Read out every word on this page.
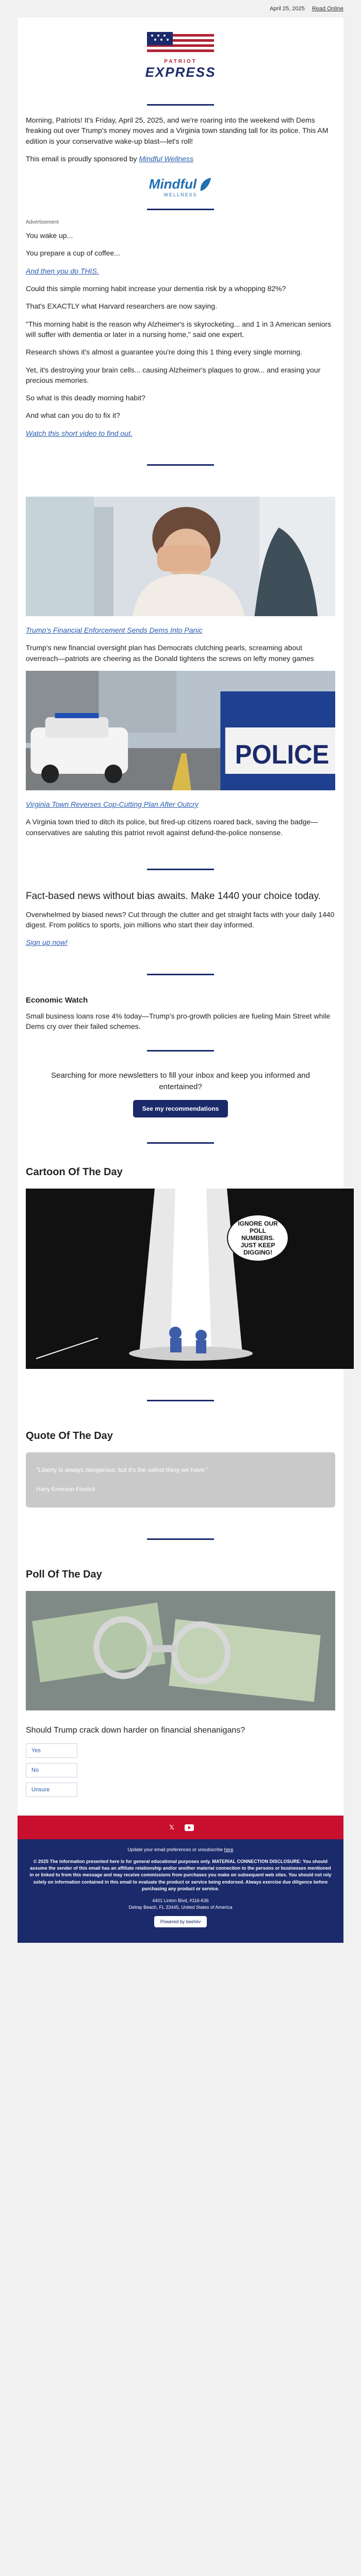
April 25, 2025 Read Online
PATRIOT
EXPRESS

Morning, Patriots! It's Friday, April 25, 2025, and we're roaring into the weekend with Dems freaking out over Trump's money moves and a Virginia town standing tall for its police. This AM edition is your conservative wake-up blast—let's roll!

This email is proudly sponsored by Mindful Wellness

Mindful
WELLNESS
Advertisement

You wake up...

You prepare a cup of coffee...

And then you do THIS.

Could this simple morning habit increase your dementia risk by a whopping 82%?

That's EXACTLY what Harvard researchers are now saying.

"This morning habit is the reason why Alzheimer's is skyrocketing... and 1 in 3 American seniors will suffer with dementia or later in a nursing home," said one expert.

Research shows it's almost a guarantee you're doing this 1 thing every single morning.

Yet, it's destroying your brain cells... causing Alzheimer's plaques to grow... and erasing your precious memories.

So what is this deadly morning habit?

And what can you do to fix it?

Watch this short video to find out.

Trump's Financial Enforcement Sends Dems Into Panic

Trump's new financial oversight plan has Democrats clutching pearls, screaming about overreach—patriots are cheering as the Donald tightens the screws on lefty money games

POLICE

Virginia Town Reverses Cop-Cutting Plan After Outcry

A Virginia town tried to ditch its police, but fired-up citizens roared back, saving the badge—conservatives are saluting this patriot revolt against defund-the-police nonsense.

Fact-based news without bias awaits. Make 1440 your choice today.

Overwhelmed by biased news? Cut through the clutter and get straight facts with your daily 1440 digest. From politics to sports, join millions who start their day informed.

Sign up now!

Economic Watch

Small business loans rose 4% today—Trump's pro-growth policies are fueling Main Street while Dems cry over their failed schemes.

Searching for more newsletters to fill your inbox and keep you informed and entertained?

See my recommendations
Cartoon Of The Day
IGNORE OUR POLL NUMBERS. JUST KEEP DIGGING!
Quote Of The Day

"Liberty is always dangerous, but it's the safest thing we have."

Harry Emerson Fosdick

Poll Of The Day

Should Trump crack down harder on financial shenanigans?

Yes
No
Unsure
𝕏

Update your email preferences or unsubscribe here

© 2025 The information presented here is for general educational purposes only. MATERIAL CONNECTION DISCLOSURE: You should assume the sender of this email has an affiliate relationship and/or another material connection to the persons or businesses mentioned in or linked to from this message and may receive commissions from purchases you make on subsequent web sites. You should not rely solely on information contained in this email to evaluate the product or service being endorsed. Always exercise due diligence before purchasing any product or service.

4401 Linton Blvd, #116-636

Delray Beach, FL 33445, United States of America

Powered by beehiiv
